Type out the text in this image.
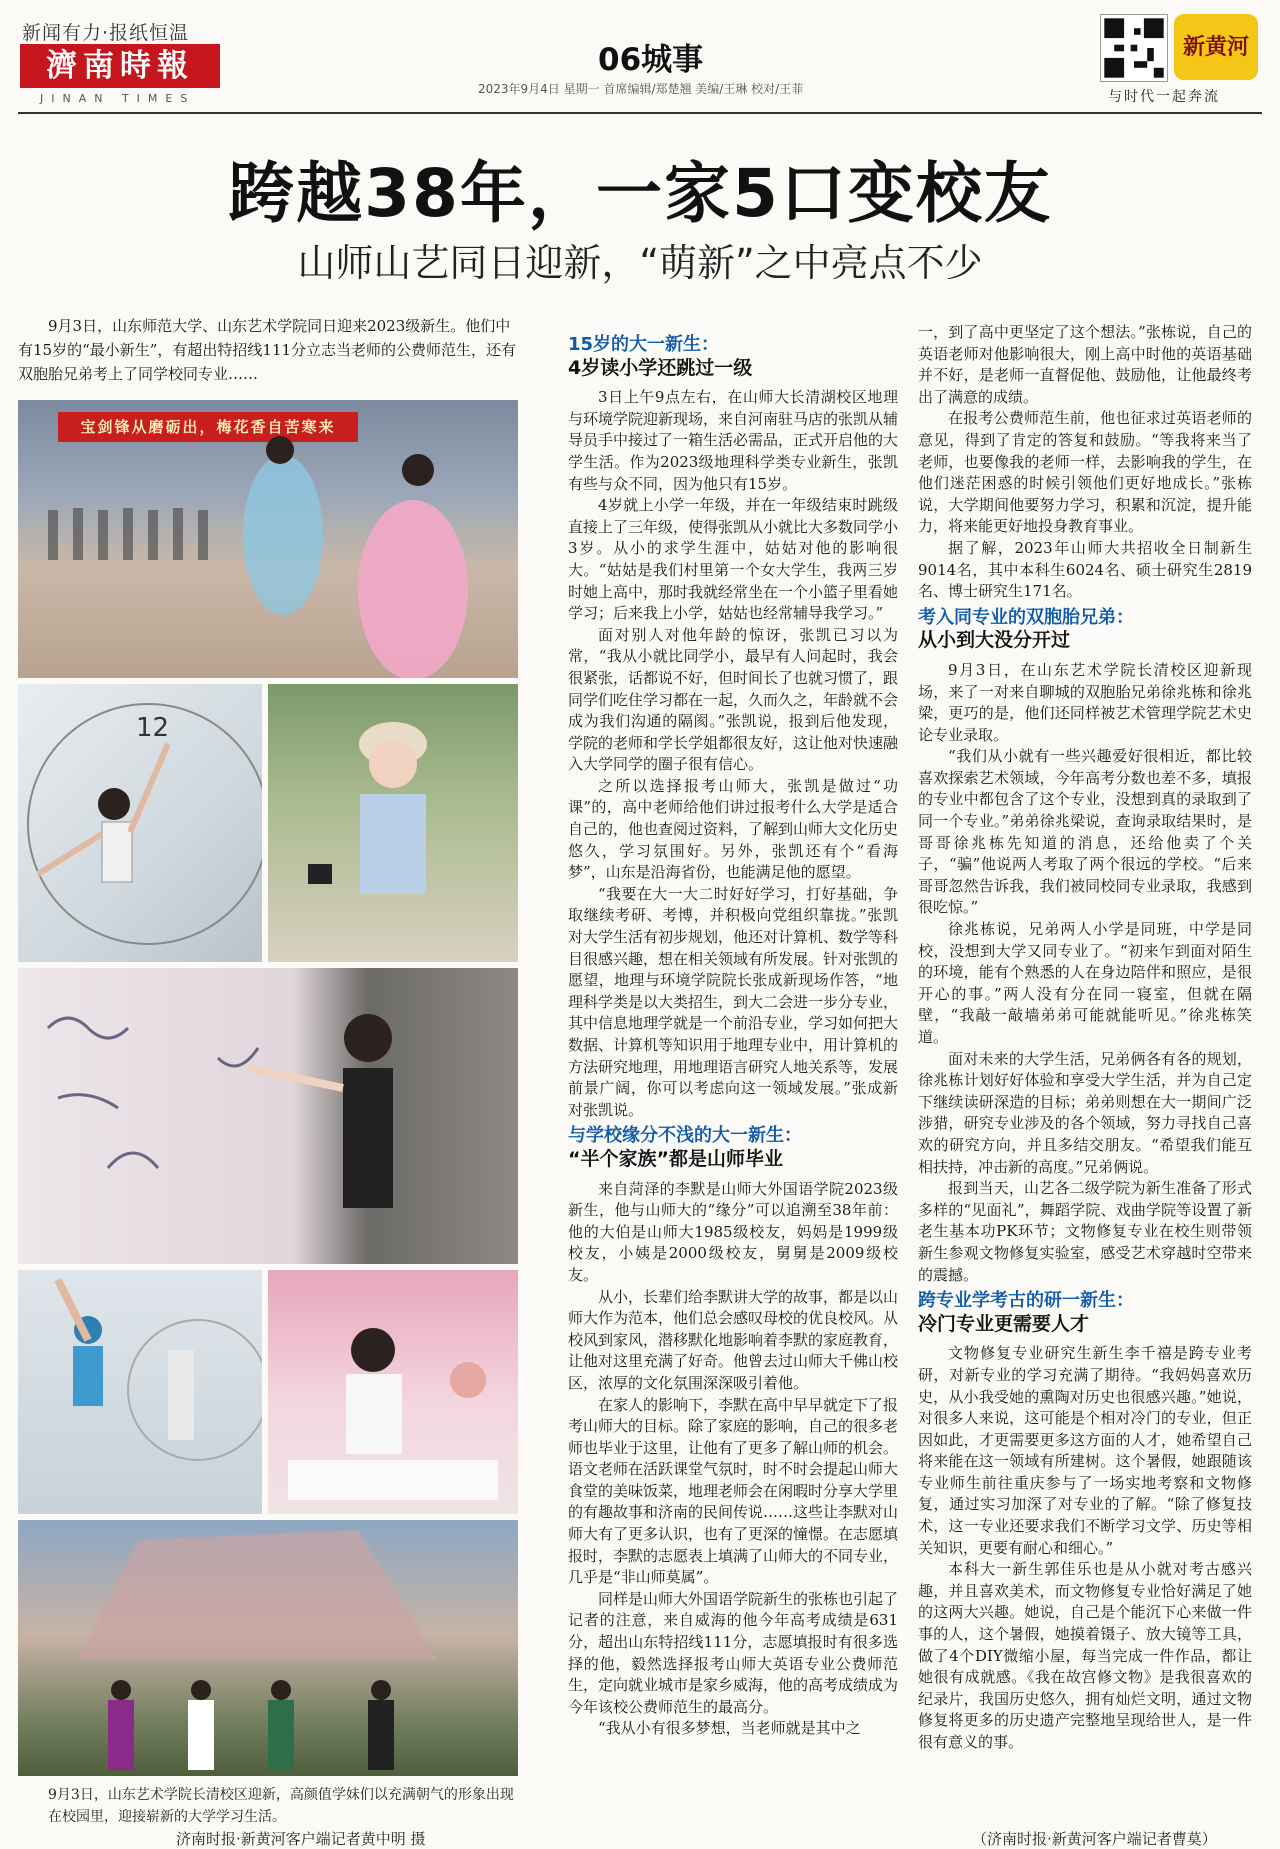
新闻有力·报纸恒温
濟南時報
JINAN TIMES
06城事
2023年9月4日 星期一 首席编辑/郑楚翘 美编/王琳 校对/王菲
新黄河
与时代一起奔流
跨越38年，一家5口变校友
山师山艺同日迎新，“萌新”之中亮点不少
9月3日，山东师范大学、山东艺术学院同日迎来2023级新生。他们中有15岁的“最小新生”，有超出特招线111分立志当老师的公费师范生，还有双胞胎兄弟考上了同学校同专业……
宝剑锋从磨砺出，梅花香自苦寒来
12
9月3日，山东艺术学院长清校区迎新，高颜值学妹们以充满朝气的形象出现在校园里，迎接崭新的大学学习生活。
济南时报·新黄河客户端记者黄中明 摄
15岁的大一新生：
4岁读小学还跳过一级

3日上午9点左右，在山师大长清湖校区地理与环境学院迎新现场，来自河南驻马店的张凯从辅导员手中接过了一箱生活必需品，正式开启他的大学生活。作为2023级地理科学类专业新生，张凯有些与众不同，因为他只有15岁。

4岁就上小学一年级，并在一年级结束时跳级直接上了三年级，使得张凯从小就比大多数同学小3岁。从小的求学生涯中，姑姑对他的影响很大。“姑姑是我们村里第一个女大学生，我两三岁时她上高中，那时我就经常坐在一个小篮子里看她学习；后来我上小学，姑姑也经常辅导我学习。”

面对别人对他年龄的惊讶，张凯已习以为常，“我从小就比同学小，最早有人问起时，我会很紧张，话都说不好，但时间长了也就习惯了，跟同学们吃住学习都在一起，久而久之，年龄就不会成为我们沟通的隔阂。”张凯说，报到后他发现，学院的老师和学长学姐都很友好，这让他对快速融入大学同学的圈子很有信心。

之所以选择报考山师大，张凯是做过“功课”的，高中老师给他们讲过报考什么大学是适合自己的，他也查阅过资料，了解到山师大文化历史悠久，学习氛围好。另外，张凯还有个“看海梦”，山东是沿海省份，也能满足他的愿望。

“我要在大一大二时好好学习，打好基础，争取继续考研、考博，并积极向党组织靠拢。”张凯对大学生活有初步规划，他还对计算机、数学等科目很感兴趣，想在相关领域有所发展。针对张凯的愿望，地理与环境学院院长张成新现场作答，“地理科学类是以大类招生，到大二会进一步分专业，其中信息地理学就是一个前沿专业，学习如何把大数据、计算机等知识用于地理专业中，用计算机的方法研究地理，用地理语言研究人地关系等，发展前景广阔，你可以考虑向这一领域发展。”张成新对张凯说。

与学校缘分不浅的大一新生：
“半个家族”都是山师毕业

来自菏泽的李默是山师大外国语学院2023级新生，他与山师大的“缘分”可以追溯至38年前：他的大伯是山师大1985级校友，妈妈是1999级校友，小姨是2000级校友，舅舅是2009级校友。

从小，长辈们给李默讲大学的故事，都是以山师大作为范本，他们总会感叹母校的优良校风。从校风到家风，潜移默化地影响着李默的家庭教育，让他对这里充满了好奇。他曾去过山师大千佛山校区，浓厚的文化氛围深深吸引着他。

在家人的影响下，李默在高中早早就定下了报考山师大的目标。除了家庭的影响，自己的很多老师也毕业于这里，让他有了更多了解山师的机会。语文老师在活跃课堂气氛时，时不时会提起山师大食堂的美味饭菜，地理老师会在闲暇时分享大学里的有趣故事和济南的民间传说……这些让李默对山师大有了更多认识，也有了更深的憧憬。在志愿填报时，李默的志愿表上填满了山师大的不同专业，几乎是“非山师莫属”。

同样是山师大外国语学院新生的张栋也引起了记者的注意，来自威海的他今年高考成绩是631分，超出山东特招线111分，志愿填报时有很多选择的他，毅然选择报考山师大英语专业公费师范生，定向就业城市是家乡威海，他的高考成绩成为今年该校公费师范生的最高分。

“我从小有很多梦想，当老师就是其中之

一，到了高中更坚定了这个想法。”张栋说，自己的英语老师对他影响很大，刚上高中时他的英语基础并不好，是老师一直督促他、鼓励他，让他最终考出了满意的成绩。

在报考公费师范生前，他也征求过英语老师的意见，得到了肯定的答复和鼓励。“等我将来当了老师，也要像我的老师一样，去影响我的学生，在他们迷茫困惑的时候引领他们更好地成长。”张栋说，大学期间他要努力学习，积累和沉淀，提升能力，将来能更好地投身教育事业。

据了解，2023年山师大共招收全日制新生9014名，其中本科生6024名、硕士研究生2819名、博士研究生171名。

考入同专业的双胞胎兄弟：
从小到大没分开过

9月3日，在山东艺术学院长清校区迎新现场，来了一对来自聊城的双胞胎兄弟徐兆栋和徐兆梁，更巧的是，他们还同样被艺术管理学院艺术史论专业录取。

“我们从小就有一些兴趣爱好很相近，都比较喜欢探索艺术领域，今年高考分数也差不多，填报的专业中都包含了这个专业，没想到真的录取到了同一个专业。”弟弟徐兆梁说，查询录取结果时，是哥哥徐兆栋先知道的消息，还给他卖了个关子，“骗”他说两人考取了两个很远的学校。“后来哥哥忽然告诉我，我们被同校同专业录取，我感到很吃惊。”

徐兆栋说，兄弟两人小学是同班，中学是同校，没想到大学又同专业了。“初来乍到面对陌生的环境，能有个熟悉的人在身边陪伴和照应，是很开心的事。”两人没有分在同一寝室，但就在隔壁，“我敲一敲墙弟弟可能就能听见。”徐兆栋笑道。

面对未来的大学生活，兄弟俩各有各的规划，徐兆栋计划好好体验和享受大学生活，并为自己定下继续读研深造的目标；弟弟则想在大一期间广泛涉猎，研究专业涉及的各个领域，努力寻找自己喜欢的研究方向，并且多结交朋友。“希望我们能互相扶持，冲击新的高度。”兄弟俩说。

报到当天，山艺各二级学院为新生准备了形式多样的“见面礼”，舞蹈学院、戏曲学院等设置了新老生基本功PK环节；文物修复专业在校生则带领新生参观文物修复实验室，感受艺术穿越时空带来的震撼。

跨专业学考古的研一新生：
冷门专业更需要人才

文物修复专业研究生新生李千禧是跨专业考研，对新专业的学习充满了期待。“我妈妈喜欢历史，从小我受她的熏陶对历史也很感兴趣。”她说，对很多人来说，这可能是个相对冷门的专业，但正因如此，才更需要更多这方面的人才，她希望自己将来能在这一领域有所建树。这个暑假，她跟随该专业师生前往重庆参与了一场实地考察和文物修复，通过实习加深了对专业的了解。“除了修复技术，这一专业还要求我们不断学习文学、历史等相关知识，更要有耐心和细心。”

本科大一新生郭佳乐也是从小就对考古感兴趣，并且喜欢美术，而文物修复专业恰好满足了她的这两大兴趣。她说，自己是个能沉下心来做一件事的人，这个暑假，她摸着镊子、放大镜等工具，做了4个DIY微缩小屋，每当完成一件作品，都让她很有成就感。《我在故宫修文物》是我很喜欢的纪录片，我国历史悠久，拥有灿烂文明，通过文物修复将更多的历史遗产完整地呈现给世人，是一件很有意义的事。

（济南时报·新黄河客户端记者曹莫）
